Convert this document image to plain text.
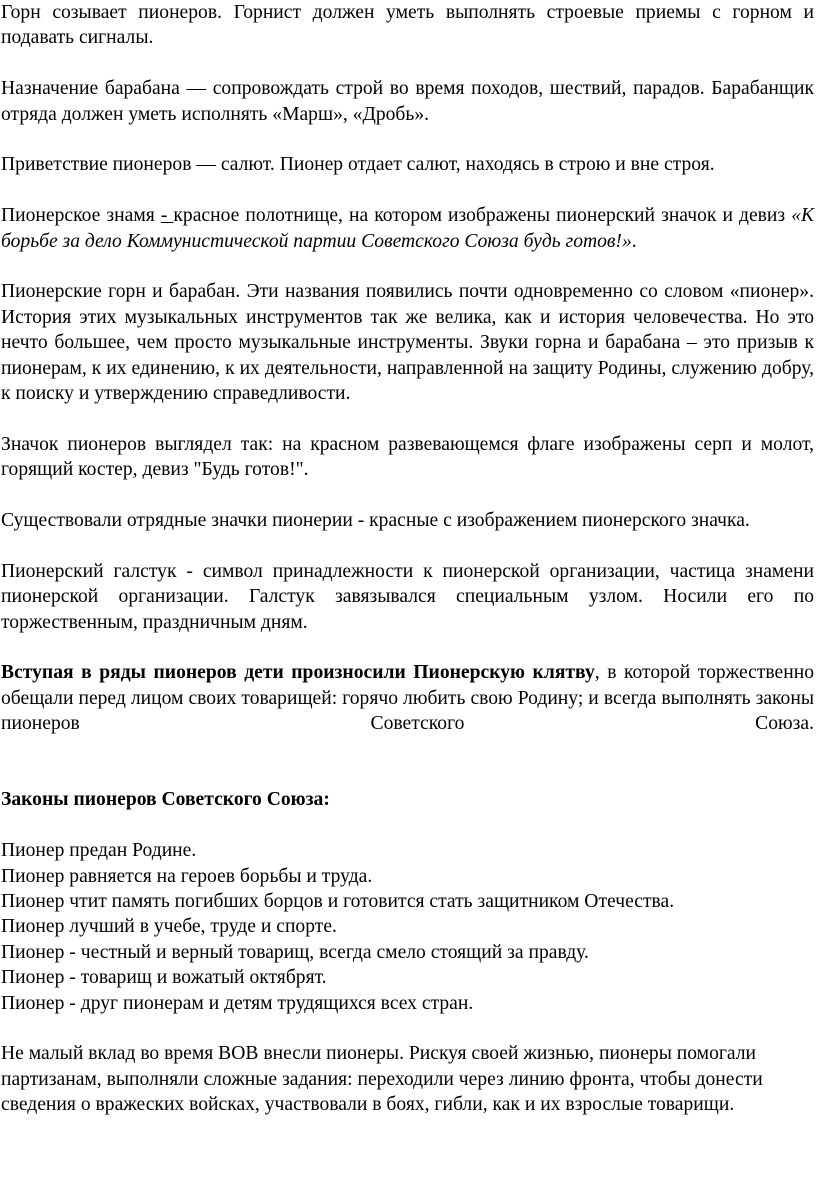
Горн созывает пионеров. Горнист должен уметь выполнять строевые приемы с горном и подавать сигналы.

Назначение барабана — сопровождать строй во время походов, шествий, парадов. Барабанщик отряда должен уметь исполнять «Марш», «Дробь».

Приветствие пионеров — салют. Пионер отдает салют, находясь в строю и вне строя.

Пионерское знамя - красное полотнище, на котором изображены пионерский значок и девиз «К борьбе за дело Коммунистической партии Советского Союза будь готов!».

Пионерские горн и барабан. Эти названия появились почти одновременно со словом «пионер». История этих музыкальных инструментов так же велика, как и история человечества. Но это нечто большее, чем просто музыкальные инструменты. Звуки горна и барабана – это призыв к пионерам, к их единению, к их деятельности, направленной на защиту Родины, служению добру, к поиску и утверждению справедливости.

Значок пионеров выглядел так: на красном развевающемся флаге изображены серп и молот, горящий костер, девиз "Будь готов!".

Существовали отрядные значки пионерии - красные с изображением пионерского значка.

Пионерский галстук - символ принадлежности к пионерской организации, частица знамени пионерской организации. Галстук завязывался специальным узлом. Носили его по торжественным, праздничным дням.

Вступая в ряды пионеров дети произносили Пионерскую клятву, в которой торжественно обещали перед лицом своих товарищей: горячо любить свою Родину; и всегда выполнять законы пионеров Советского Союза.

Законы пионеров Советского Союза:

Пионер предан Родине.
Пионер равняется на героев борьбы и труда.
Пионер чтит память погибших борцов и готовится стать защитником Отечества.
Пионер лучший в учебе, труде и спорте.
Пионер - честный и верный товарищ, всегда смело стоящий за правду.
Пионер - товарищ и вожатый октябрят.
Пионер - друг пионерам и детям трудящихся всех стран.

Не малый вклад во время ВОВ внесли пионеры. Рискуя своей жизнью, пионеры помогали партизанам, выполняли сложные задания: переходили через линию фронта, чтобы донести сведения о вражеских войсках, участвовали в боях, гибли, как и их взрослые товарищи.
